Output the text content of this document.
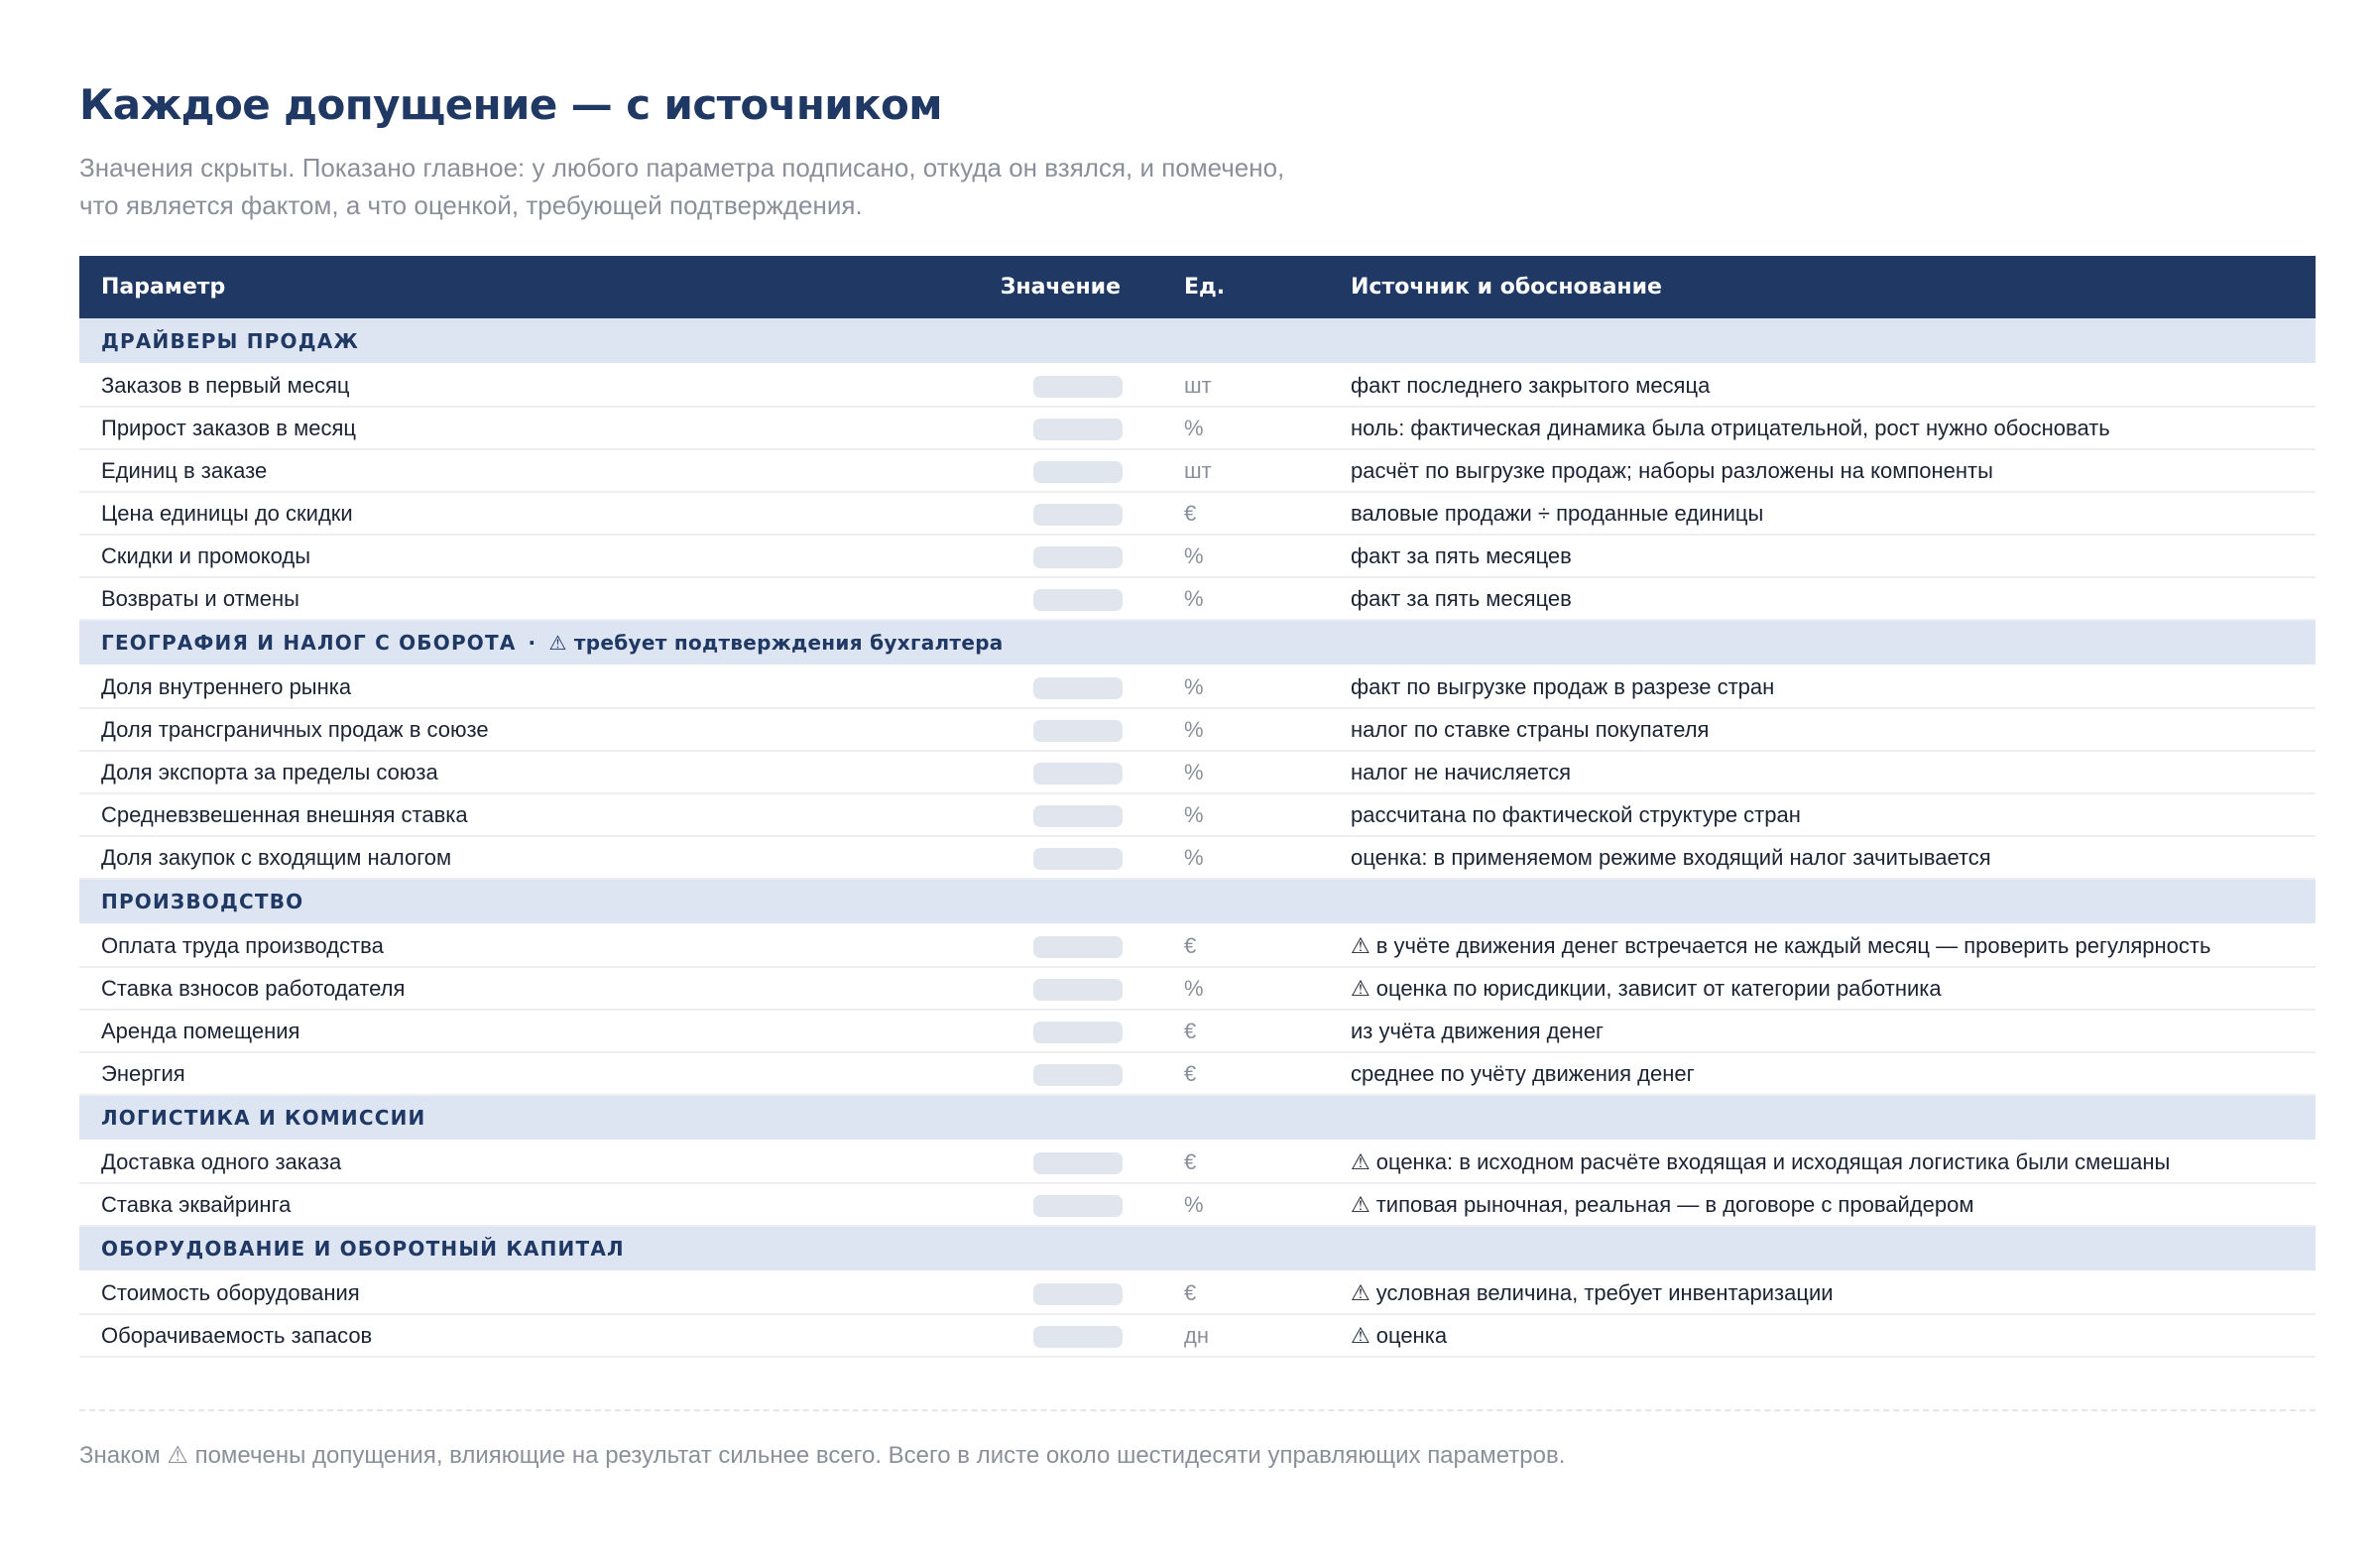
Каждое допущение — с источником
Значения скрыты. Показано главное: у любого параметра подписано, откуда он взялся, и помечено, что является фактом, а что оценкой, требующей подтверждения.
Параметр	Значение	Ед.	Источник и обоснование
ДРАЙВЕРЫ ПРОДАЖ			
Заказов в первый месяц		шт	факт последнего закрытого месяца
Прирост заказов в месяц		%	ноль: фактическая динамика была отрицательной, рост нужно обосновать
Единиц в заказе		шт	расчёт по выгрузке продаж; наборы разложены на компоненты
Цена единицы до скидки		€	валовые продажи ÷ проданные единицы
Скидки и промокоды		%	факт за пять месяцев
Возвраты и отмены		%	факт за пять месяцев
ГЕОГРАФИЯ И НАЛОГ С ОБОРОТА · ⚠ требует подтверждения бухгалтера			
Доля внутреннего рынка		%	факт по выгрузке продаж в разрезе стран
Доля трансграничных продаж в союзе		%	налог по ставке страны покупателя
Доля экспорта за пределы союза		%	налог не начисляется
Средневзвешенная внешняя ставка		%	рассчитана по фактической структуре стран
Доля закупок с входящим налогом		%	оценка: в применяемом режиме входящий налог зачитывается
ПРОИЗВОДСТВО			
Оплата труда производства		€	⚠ в учёте движения денег встречается не каждый месяц — проверить регулярность
Ставка взносов работодателя		%	⚠ оценка по юрисдикции, зависит от категории работника
Аренда помещения		€	из учёта движения денег
Энергия		€	среднее по учёту движения денег
ЛОГИСТИКА И КОМИССИИ			
Доставка одного заказа		€	⚠ оценка: в исходном расчёте входящая и исходящая логистика были смешаны
Ставка эквайринга		%	⚠ типовая рыночная, реальная — в договоре с провайдером
ОБОРУДОВАНИЕ И ОБОРОТНЫЙ КАПИТАЛ			
Стоимость оборудования		€	⚠ условная величина, требует инвентаризации
Оборачиваемость запасов		дн	⚠ оценка
Знаком ⚠ помечены допущения, влияющие на результат сильнее всего. Всего в листе около шестидесяти управляющих параметров.
